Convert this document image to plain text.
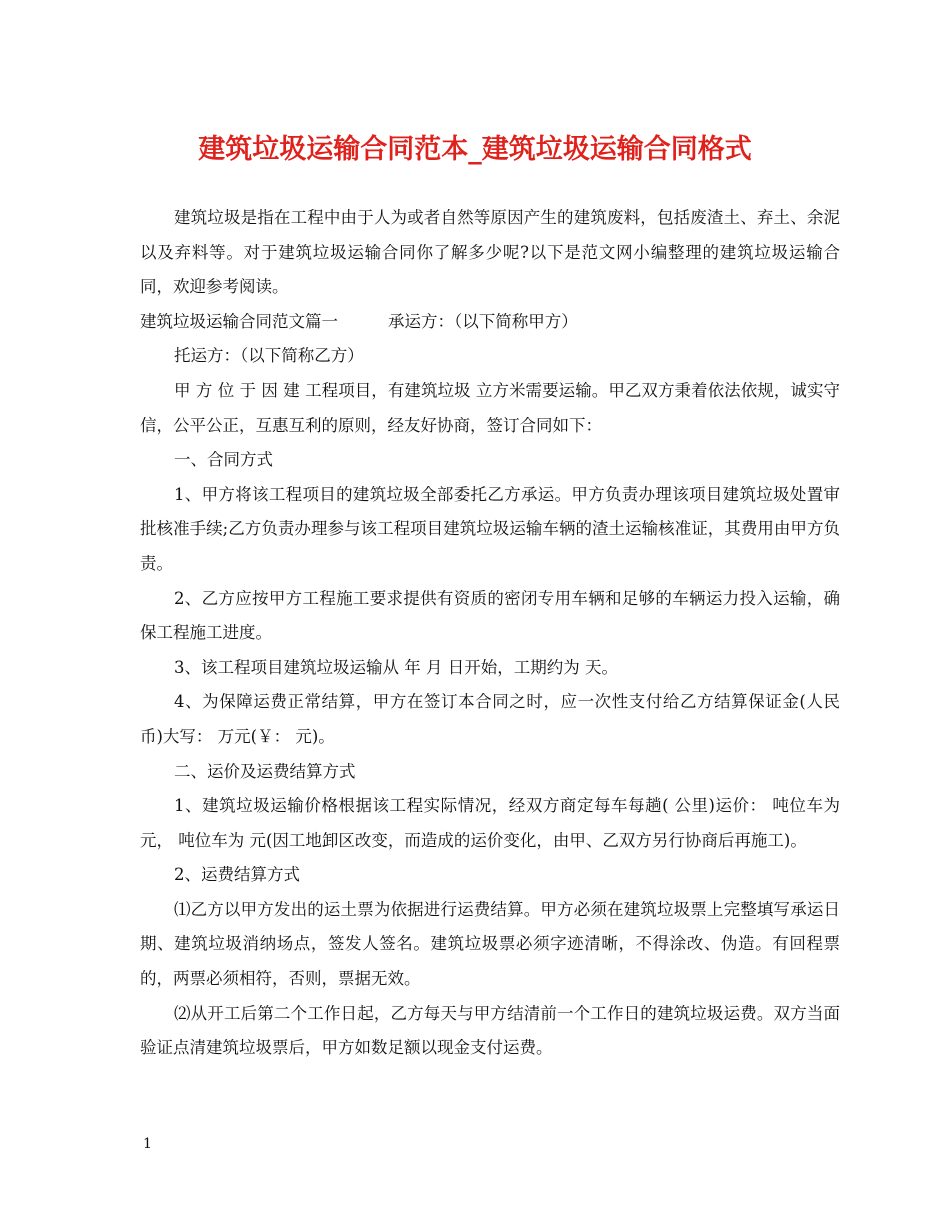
建筑垃圾运输合同范本_建筑垃圾运输合同格式

建筑垃圾是指在工程中由于人为或者自然等原因产生的建筑废料，包括废渣土、弃土、余泥以及弃料等。对于建筑垃圾运输合同你了解多少呢?以下是范文网小编整理的建筑垃圾运输合同，欢迎参考阅读。

建筑垃圾运输合同范文篇一	承运方：（以下简称甲方）

托运方：（以下简称乙方）

甲 方 位 于 因 建 工程项目，有建筑垃圾 立方米需要运输。甲乙双方秉着依法依规，诚实守信，公平公正，互惠互利的原则，经友好协商，签订合同如下：

一、合同方式

1、甲方将该工程项目的建筑垃圾全部委托乙方承运。甲方负责办理该项目建筑垃圾处置审批核准手续;乙方负责办理参与该工程项目建筑垃圾运输车辆的渣土运输核准证，其费用由甲方负责。

2、乙方应按甲方工程施工要求提供有资质的密闭专用车辆和足够的车辆运力投入运输，确保工程施工进度。

3、该工程项目建筑垃圾运输从 年 月 日开始，工期约为 天。

4、为保障运费正常结算，甲方在签订本合同之时，应一次性支付给乙方结算保证金(人民币)大写： 万元(￥： 元)。

二、运价及运费结算方式

1、建筑垃圾运输价格根据该工程实际情况，经双方商定每车每趟( 公里)运价： 吨位车为 元， 吨位车为 元(因工地卸区改变，而造成的运价变化，由甲、乙双方另行协商后再施工)。

2、运费结算方式

⑴乙方以甲方发出的运土票为依据进行运费结算。甲方必须在建筑垃圾票上完整填写承运日期、建筑垃圾消纳场点，签发人签名。建筑垃圾票必须字迹清晰，不得涂改、伪造。有回程票的，两票必须相符，否则，票据无效。

⑵从开工后第二个工作日起，乙方每天与甲方结清前一个工作日的建筑垃圾运费。双方当面验证点清建筑垃圾票后，甲方如数足额以现金支付运费。

1
